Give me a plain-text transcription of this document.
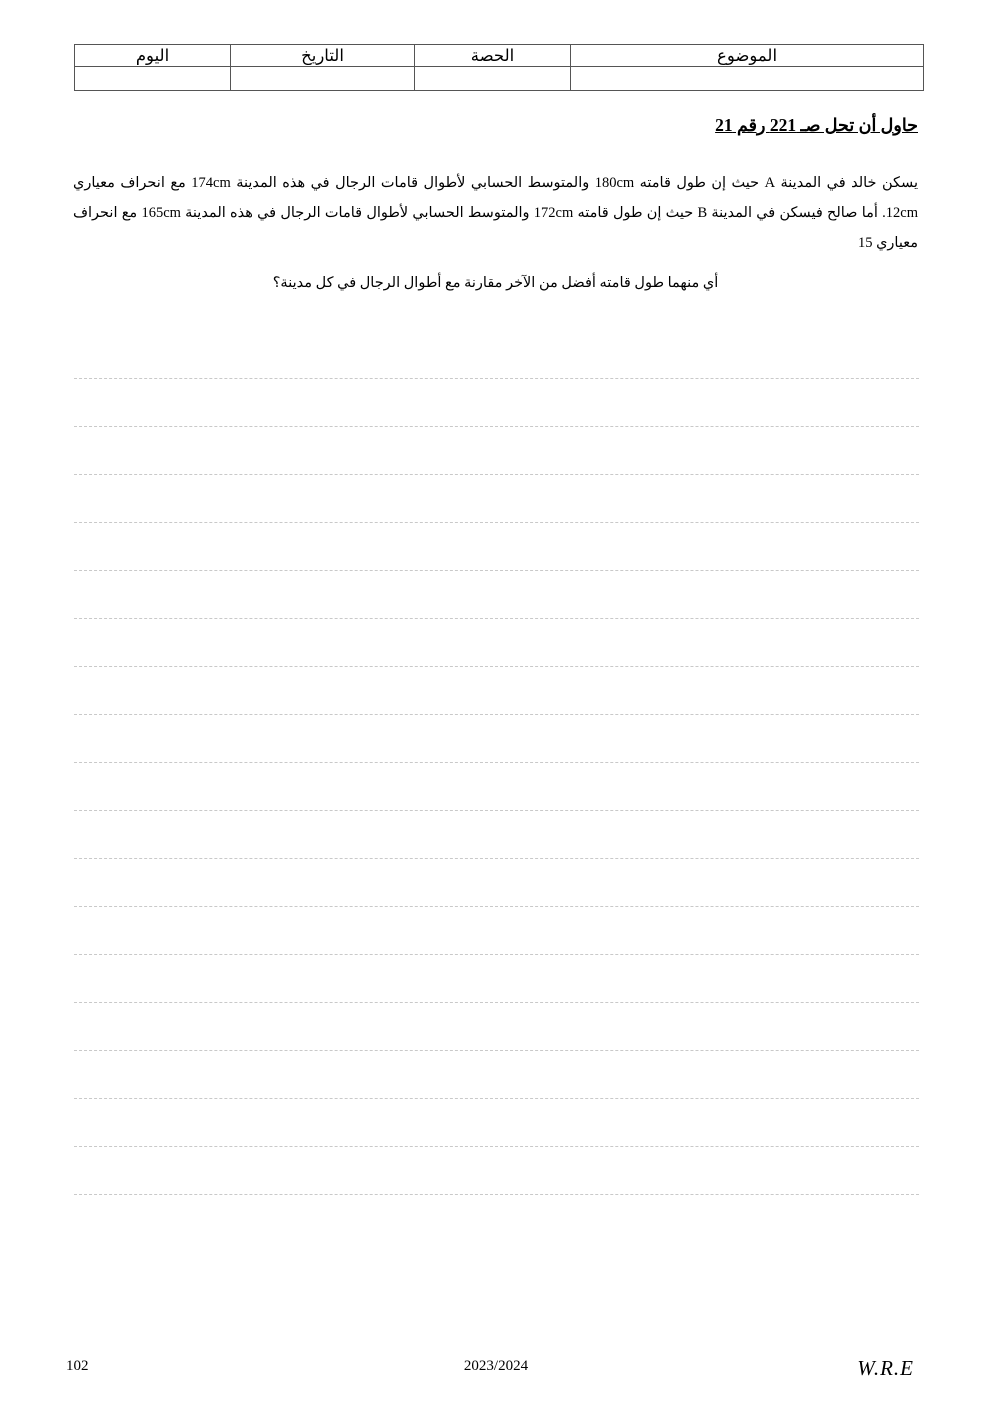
الموضوع	الحصة	التاريخ	اليوم

حاول أن تحل صـ 221 رقم 21

يسكن خالد في المدينة A حيث إن طول قامته 180cm والمتوسط الحسابي لأطوال قامات الرجال في هذه المدينة 174cm مع انحراف معياري 12cm. أما صالح فيسكن في المدينة B حيث إن طول قامته 172cm والمتوسط الحسابي لأطوال قامات الرجال في هذه المدينة 165cm مع انحراف معياري 15

أي منهما طول قامته أفضل من الآخر مقارنة مع أطوال الرجال في كل مدينة؟

102	2023/2024	W.R.E
